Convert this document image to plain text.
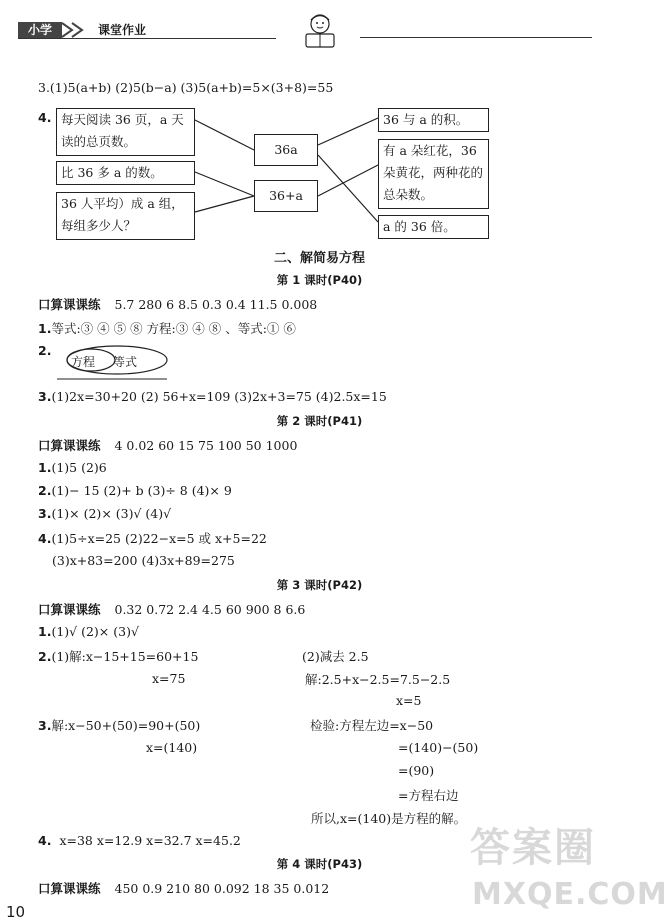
小学	课堂作业
3.(1)5(a+b) (2)5(b−a) (3)5(a+b)=5×(3+8)=55
4. 每天阅读 36 页，a 天
读的总页数。
比 36 多 a 的数。
36 人平均）成 a 组，
每组多少人？
36a
36+a
36 与 a 的积。
有 a 朵红花，36
朵黄花，两种花的
总朵数。
a 的 36 倍。
二、解简易方程
第 1 课时(P40)
口算课课练 5.7 280 6 8.5 0.3 0.4 11.5 0.008
1.等式:③ ④ ⑤ ⑧ 方程:③ ④ ⑧ 、等式:① ⑥
2.
方程 等式
3.(1)2x=30+20 (2) 56+x=109 (3)2x+3=75 (4)2.5x=15
第 2 课时(P41)
口算课课练 4 0.02 60 15 75 100 50 1000
1.(1)5 (2)6
2.(1)− 15 (2)+ b (3)÷ 8 (4)× 9
3.(1)× (2)× (3)√ (4)√
4.(1)5÷x=25 (2)22−x=5 或 x+5=22
(3)x+83=200 (4)3x+89=275
第 3 课时(P42)
口算课课练 0.32 0.72 2.4 4.5 60 900 8 6.6
1.(1)√ (2)× (3)√
2.(1)解:x−15+15=60+15
x=75
(2)减去 2.5
解:2.5+x−2.5=7.5−2.5
x=5
3.解:x−50+(50)=90+(50)
x=(140)
检验:方程左边=x−50
=(140)−(50)
=(90)
=方程右边
所以,x=(140)是方程的解。
4. x=38 x=12.9 x=32.7 x=45.2
第 4 课时(P43)
口算课课练 450 0.9 210 80 0.092 18 35 0.012
10
答案圈
MXQE.COM
